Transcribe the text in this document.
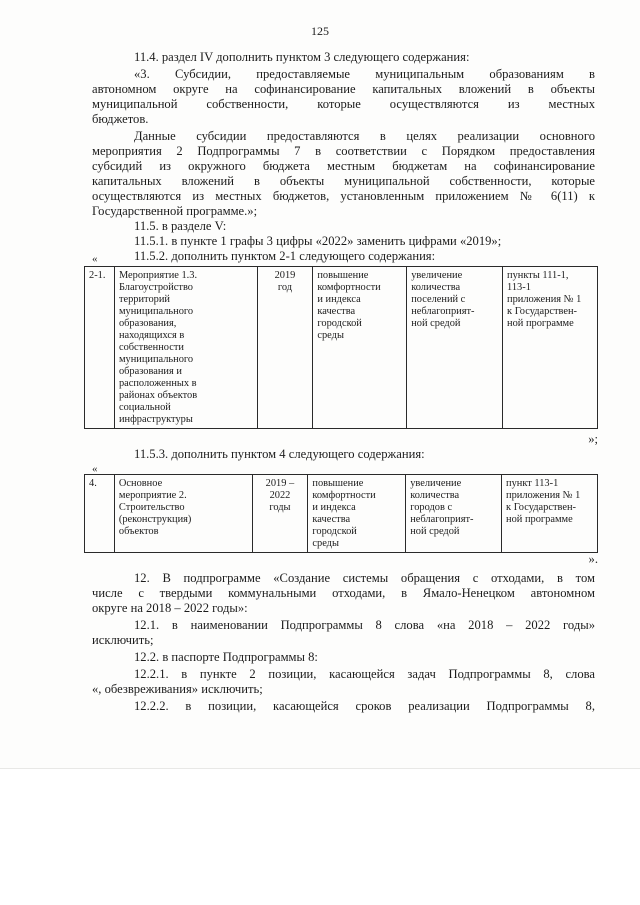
125
11.4. раздел IV дополнить пунктом 3 следующего содержания:
«3. Субсидии, предоставляемые муниципальным образованиям в
автономном округе на софинансирование капитальных вложений в объекты
муниципальной собственности, которые осуществляются из местных
бюджетов.
Данные субсидии предоставляются в целях реализации основного
мероприятия 2 Подпрограммы 7 в соответствии с Порядком предоставления
субсидий из окружного бюджета местным бюджетам на софинансирование
капитальных вложений в объекты муниципальной собственности, которые
осуществляются из местных бюджетов, установленным приложением № 6(11) к
Государственной программе.»;
11.5. в разделе V:
11.5.1. в пункте 1 графы 3 цифры «2022» заменить цифрами «2019»;
11.5.2. дополнить пунктом 2-1 следующего содержания:
«
2-1.	Мероприятие 1.3.
Благоустройство
территорий
муниципального
образования,
находящихся в
собственности
муниципального
образования и
расположенных в
районах объектов
социальной
инфраструктуры

2019
год

повышение
комфортности
и индекса
качества
городской
среды

увеличение
количества
поселений с
неблагоприят-
ной средой

пункты 111-1,
113-1
приложения № 1
к Государствен-
ной программе
»;
11.5.3. дополнить пунктом 4 следующего содержания:
«
4.	Основное
мероприятие 2.
Строительство
(реконструкция)
объектов

2019 –
2022
годы

повышение
комфортности
и индекса
качества
городской
среды

увеличение
количества
городов с
неблагоприят-
ной средой

пункт 113-1
приложения № 1
к Государствен-
ной программе
».
12. В подпрограмме «Создание системы обращения с отходами, в том
числе с твердыми коммунальными отходами, в Ямало-Ненецком автономном
округе на 2018 – 2022 годы»:
12.1. в наименовании Подпрограммы 8 слова «на 2018 – 2022 годы»
исключить;
12.2. в паспорте Подпрограммы 8:
12.2.1. в пункте 2 позиции, касающейся задач Подпрограммы 8, слова
«, обезвреживания» исключить;
12.2.2. в позиции, касающейся сроков реализации Подпрограммы 8,
